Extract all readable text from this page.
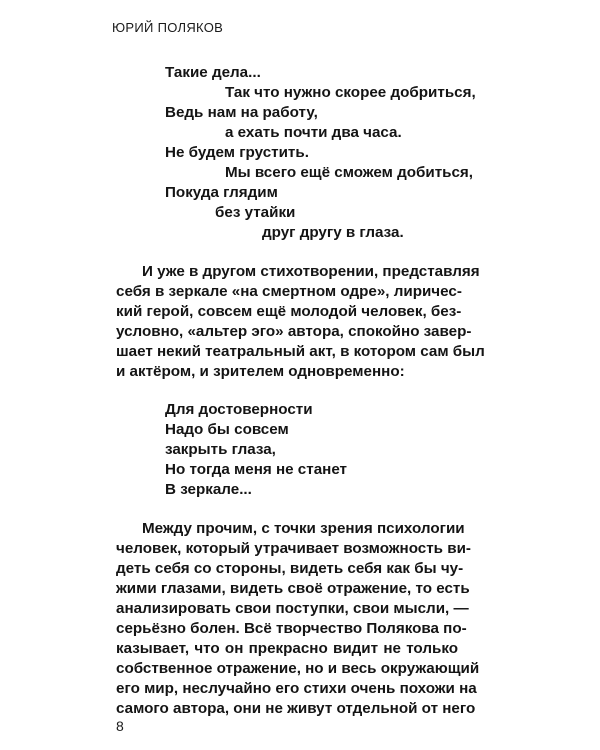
ЮРИЙ ПОЛЯКОВ
Такие дела...
Так что нужно скорее добриться,
Ведь нам на работу,
а ехать почти два часа.
Не будем грустить.
Мы всего ещё сможем добиться,
Покуда глядим
без утайки
друг другу в глаза.
И уже в другом стихотворении, представляя
себя в зеркале «на смертном одре», лиричес-
кий герой, совсем ещё молодой человек, без-
условно, «альтер эго» автора, спокойно завер-
шает некий театральный акт, в котором сам был
и актёром, и зрителем одновременно:
Для достоверности
Надо бы совсем
закрыть глаза,
Но тогда меня не станет
В зеркале...
Между прочим, с точки зрения психологии
человек, который утрачивает возможность ви-
деть себя со стороны, видеть себя как бы чу-
жими глазами, видеть своё отражение, то есть
анализировать свои поступки, свои мысли, —
серьёзно болен. Всё творчество Полякова по-
казывает, что он прекрасно видит не только
собственное отражение, но и весь окружающий
его мир, неслучайно его стихи очень похожи на
самого автора, они не живут отдельной от него
8
